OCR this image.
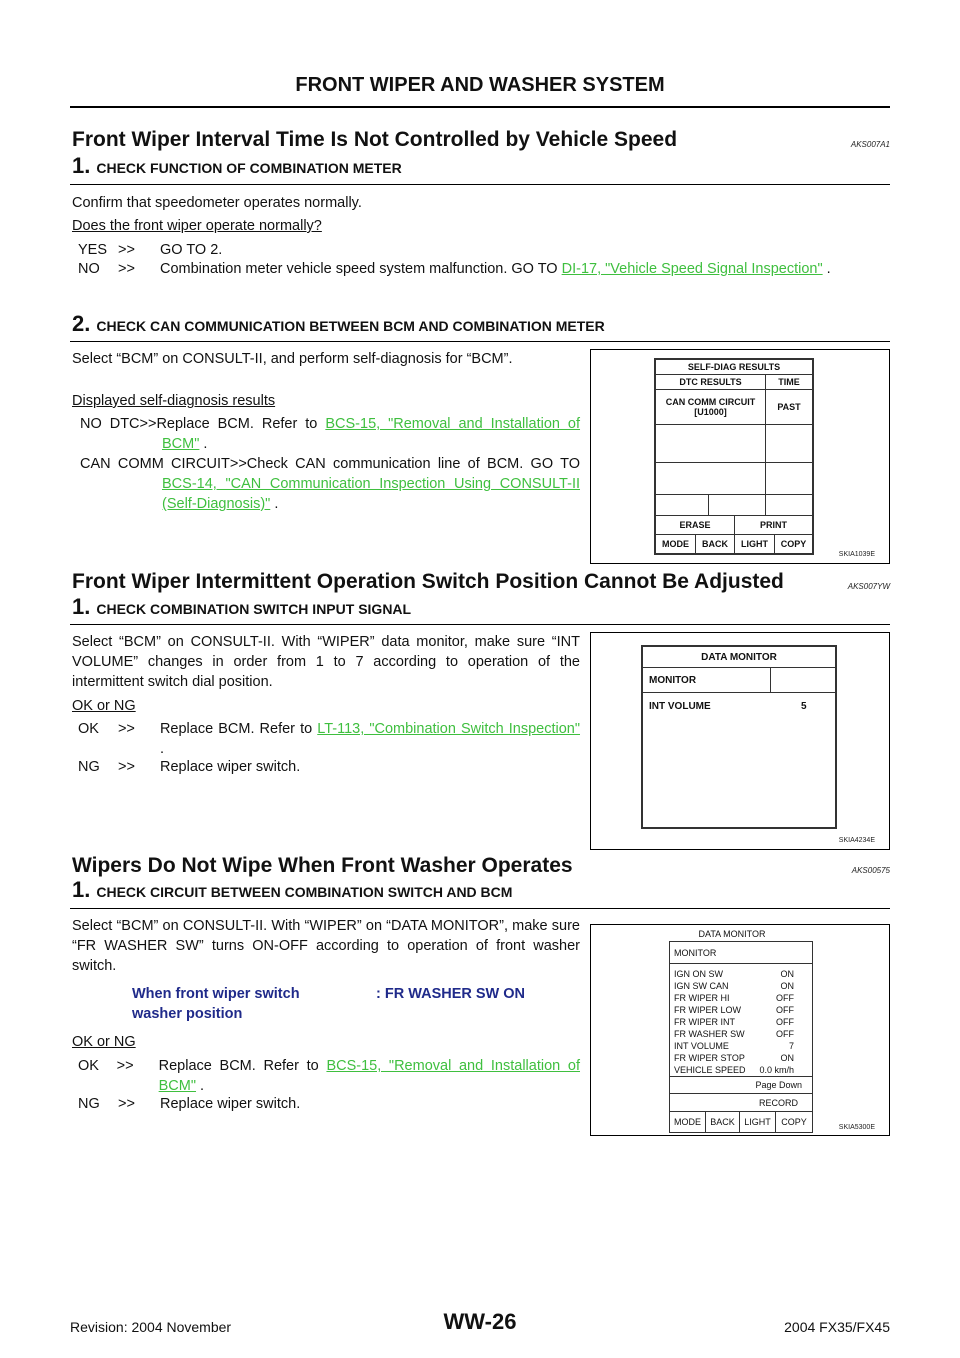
FRONT WIPER AND WASHER SYSTEM
Front Wiper Interval Time Is Not Controlled by Vehicle Speed	AKS007A1
1. CHECK FUNCTION OF COMBINATION METER
Confirm that speedometer operates normally.
Does the front wiper operate normally?
YES >> GO TO 2.
NO	>>	Combination meter vehicle speed system malfunction. GO TO DI-17, "Vehicle Speed Signal Inspection" .
2. CHECK CAN COMMUNICATION BETWEEN BCM AND COMBINATION METER
Select “BCM” on CONSULT-II, and perform self-diagnosis for “BCM”.
Displayed self-diagnosis results
NO DTC>>Replace BCM. Refer to BCS-15, "Removal and Installation of BCM" .
CAN COMM CIRCUIT>>Check CAN communication line of BCM. GO TO BCS-14, "CAN Communication Inspection Using CONSULT-II (Self-Diagnosis)" .
SELF-DIAG RESULTS
DTC RESULTS	TIME
CAN COMM CIRCUIT [U1000]	PAST
ERASE	PRINT
MODE	BACK	LIGHT	COPY
SKIA1039E
Front Wiper Intermittent Operation Switch Position Cannot Be Adjusted	AKS007YW
1. CHECK COMBINATION SWITCH INPUT SIGNAL
Select “BCM” on CONSULT-II. With “WIPER” data monitor, make sure “INT VOLUME” changes in order from 1 to 7 according to operation of the intermittent switch dial position.
OK or NG
OK	>>	Replace BCM. Refer to LT-113, "Combination Switch Inspection" .
NG >> Replace wiper switch.
DATA MONITOR
MONITOR
INT VOLUME	5
SKIA4234E
Wipers Do Not Wipe When Front Washer Operates	AKS00575
1. CHECK CIRCUIT BETWEEN COMBINATION SWITCH AND BCM
Select “BCM” on CONSULT-II. With “WIPER” on “DATA MONITOR”, make sure “FR WASHER SW” turns ON-OFF according to operation of front washer switch.
When front wiper switch washer position
: FR WASHER SW ON
OK or NG
OK	>>	Replace BCM. Refer to BCS-15, "Removal and Installation of BCM" .
NG >> Replace wiper switch.
DATA MONITOR
MONITOR
IGN ON SW	ON
IGN SW CAN	ON
FR WIPER HI	OFF
FR WIPER LOW	OFF
FR WIPER INT	OFF
FR WASHER SW	OFF
INT VOLUME	7
FR WIPER STOP	ON
VEHICLE SPEED 0.0 km/h
Page Down
RECORD
MODE	BACK	LIGHT	COPY
SKIA5300E
Revision: 2004 November	WW-26	2004 FX35/FX45
